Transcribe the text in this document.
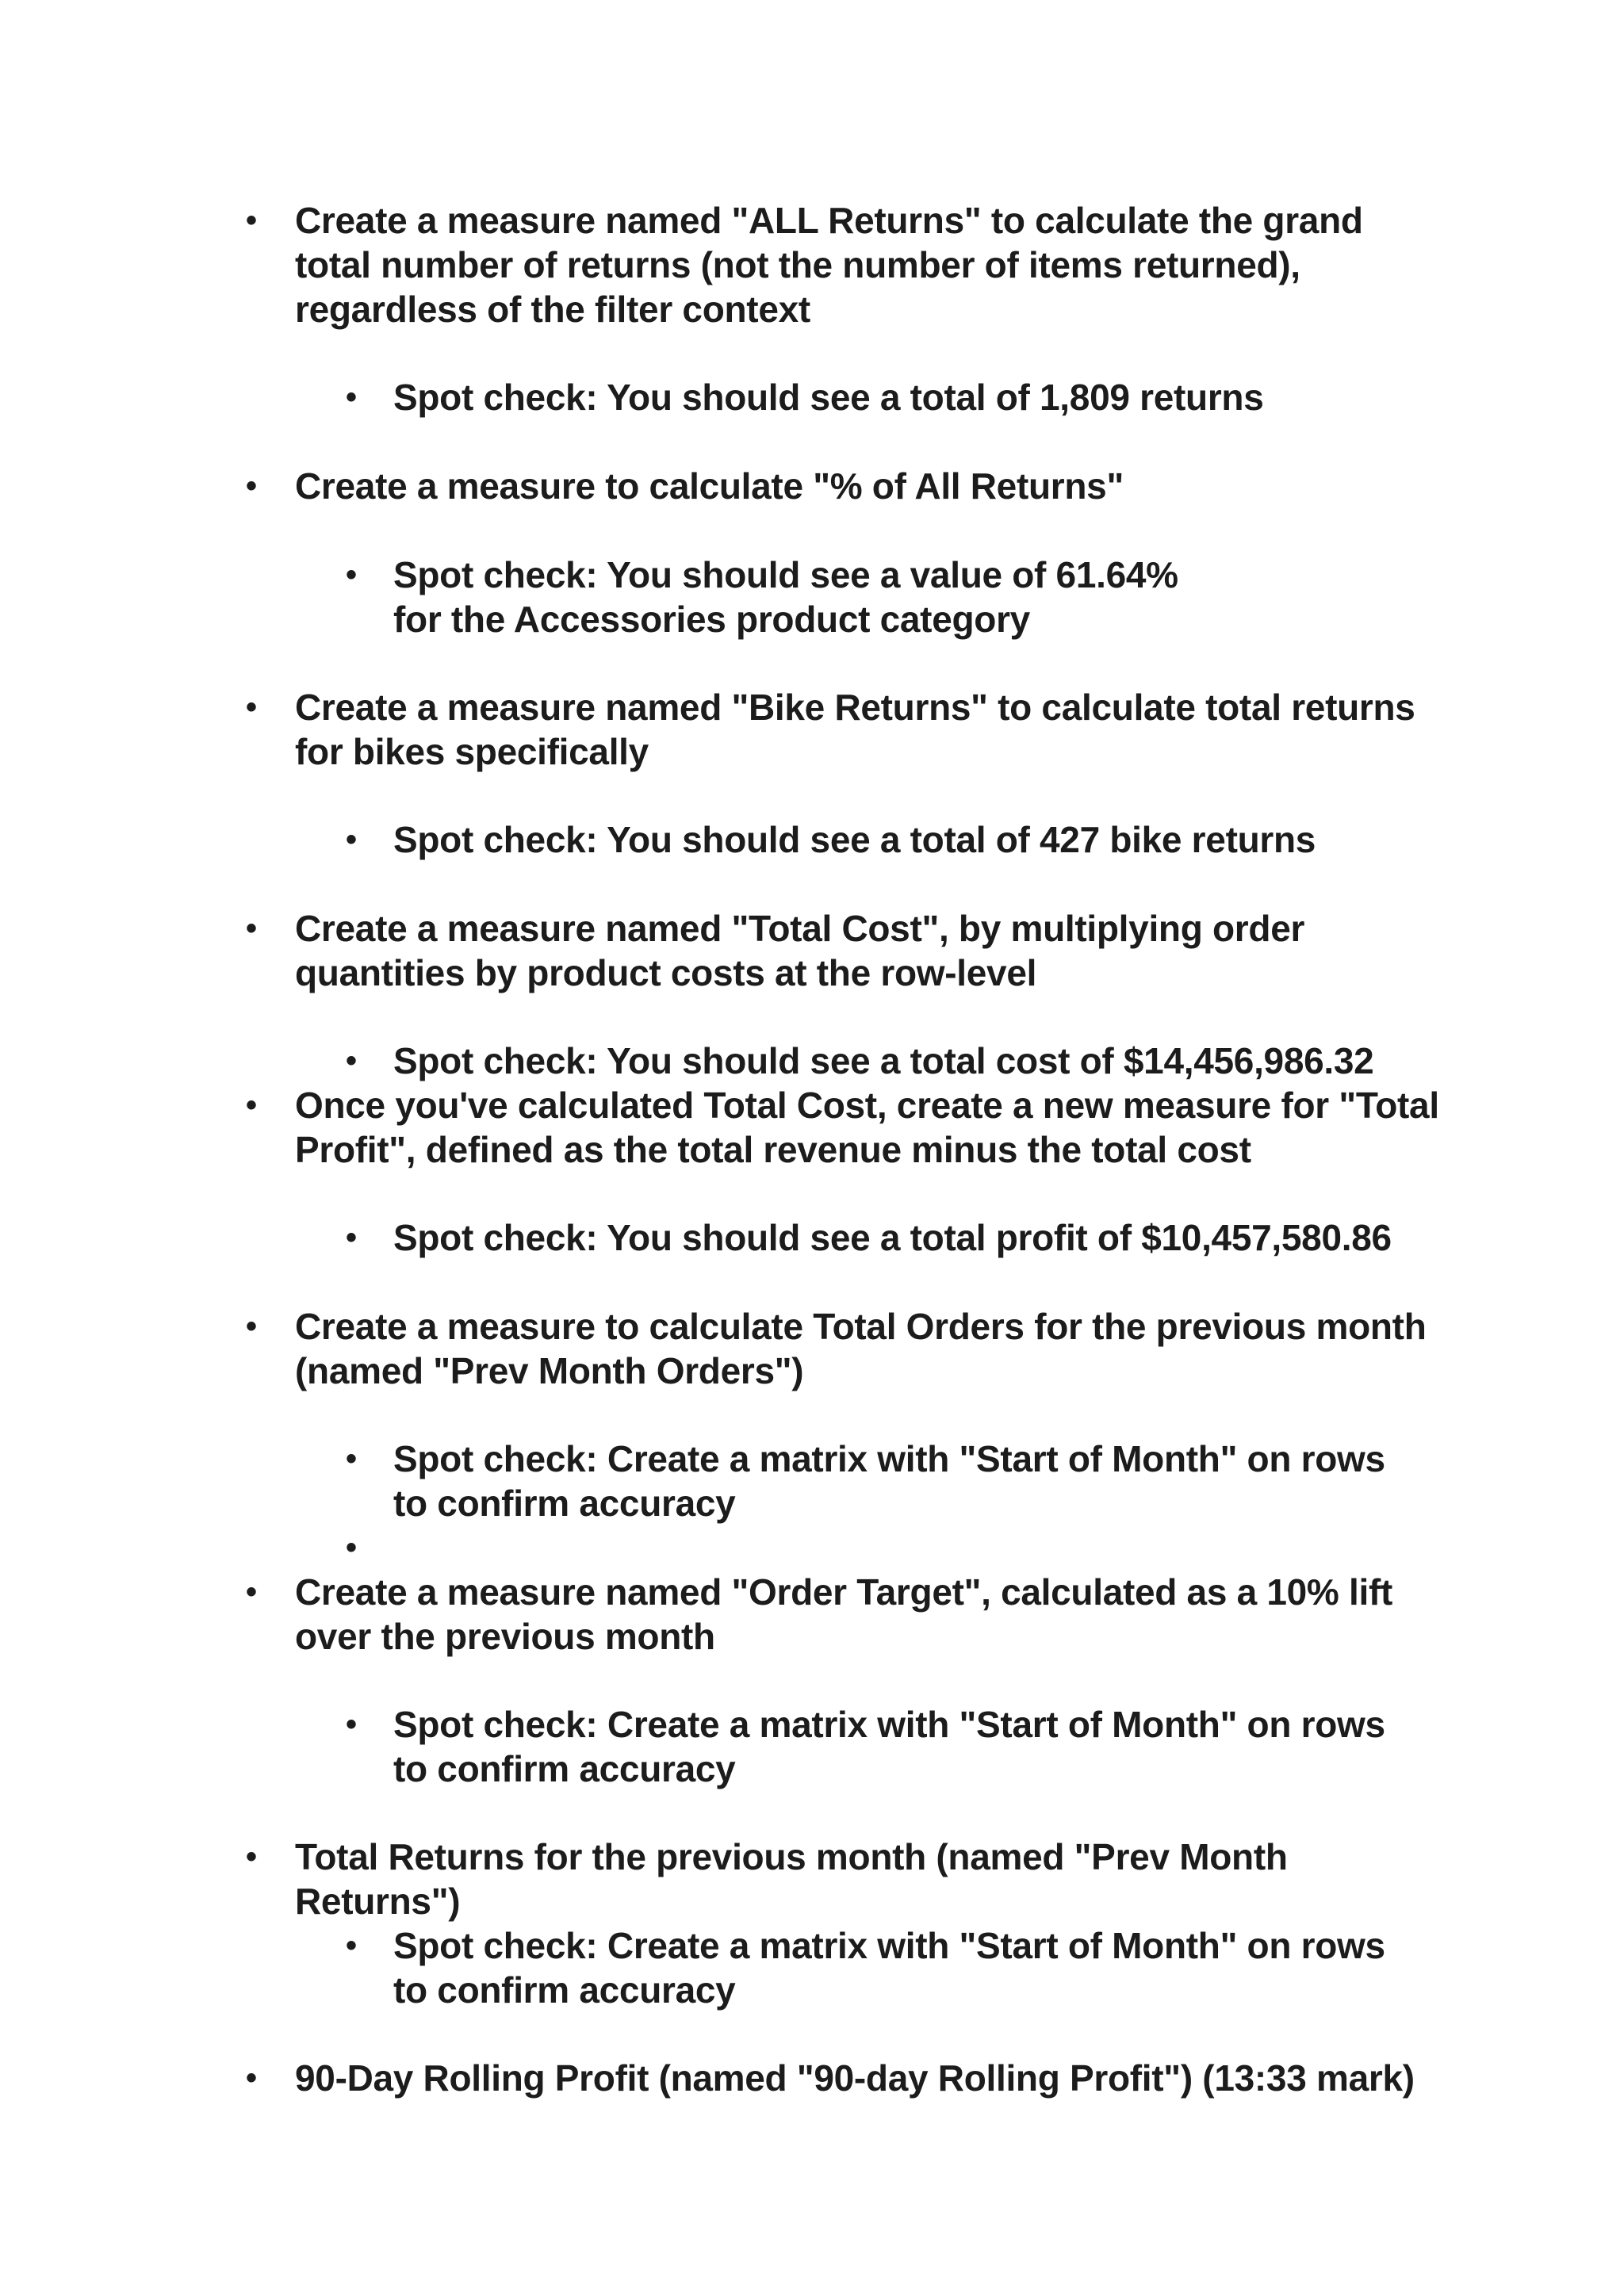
• Create a measure named "ALL Returns" to calculate the grand total number of returns (not the number of items returned), regardless of the filter context
• Spot check: You should see a total of 1,809 returns
• Create a measure to calculate "% of All Returns"
• Spot check: You should see a value of 61.64% for the Accessories product category
• Create a measure named "Bike Returns" to calculate total returns for bikes specifically
• Spot check: You should see a total of 427 bike returns
• Create a measure named "Total Cost", by multiplying order quantities by product costs at the row-level
• Spot check: You should see a total cost of $14,456,986.32
• Once you've calculated Total Cost, create a new measure for "Total Profit", defined as the total revenue minus the total cost
• Spot check: You should see a total profit of $10,457,580.86
• Create a measure to calculate Total Orders for the previous month (named "Prev Month Orders")
• Spot check: Create a matrix with "Start of Month" on rows to confirm accuracy
•
• Create a measure named "Order Target", calculated as a 10% lift over the previous month
• Spot check: Create a matrix with "Start of Month" on rows to confirm accuracy
• Total Returns for the previous month (named "Prev Month Returns")
• Spot check: Create a matrix with "Start of Month" on rows to confirm accuracy
• 90-Day Rolling Profit (named "90-day Rolling Profit") (13:33 mark)
